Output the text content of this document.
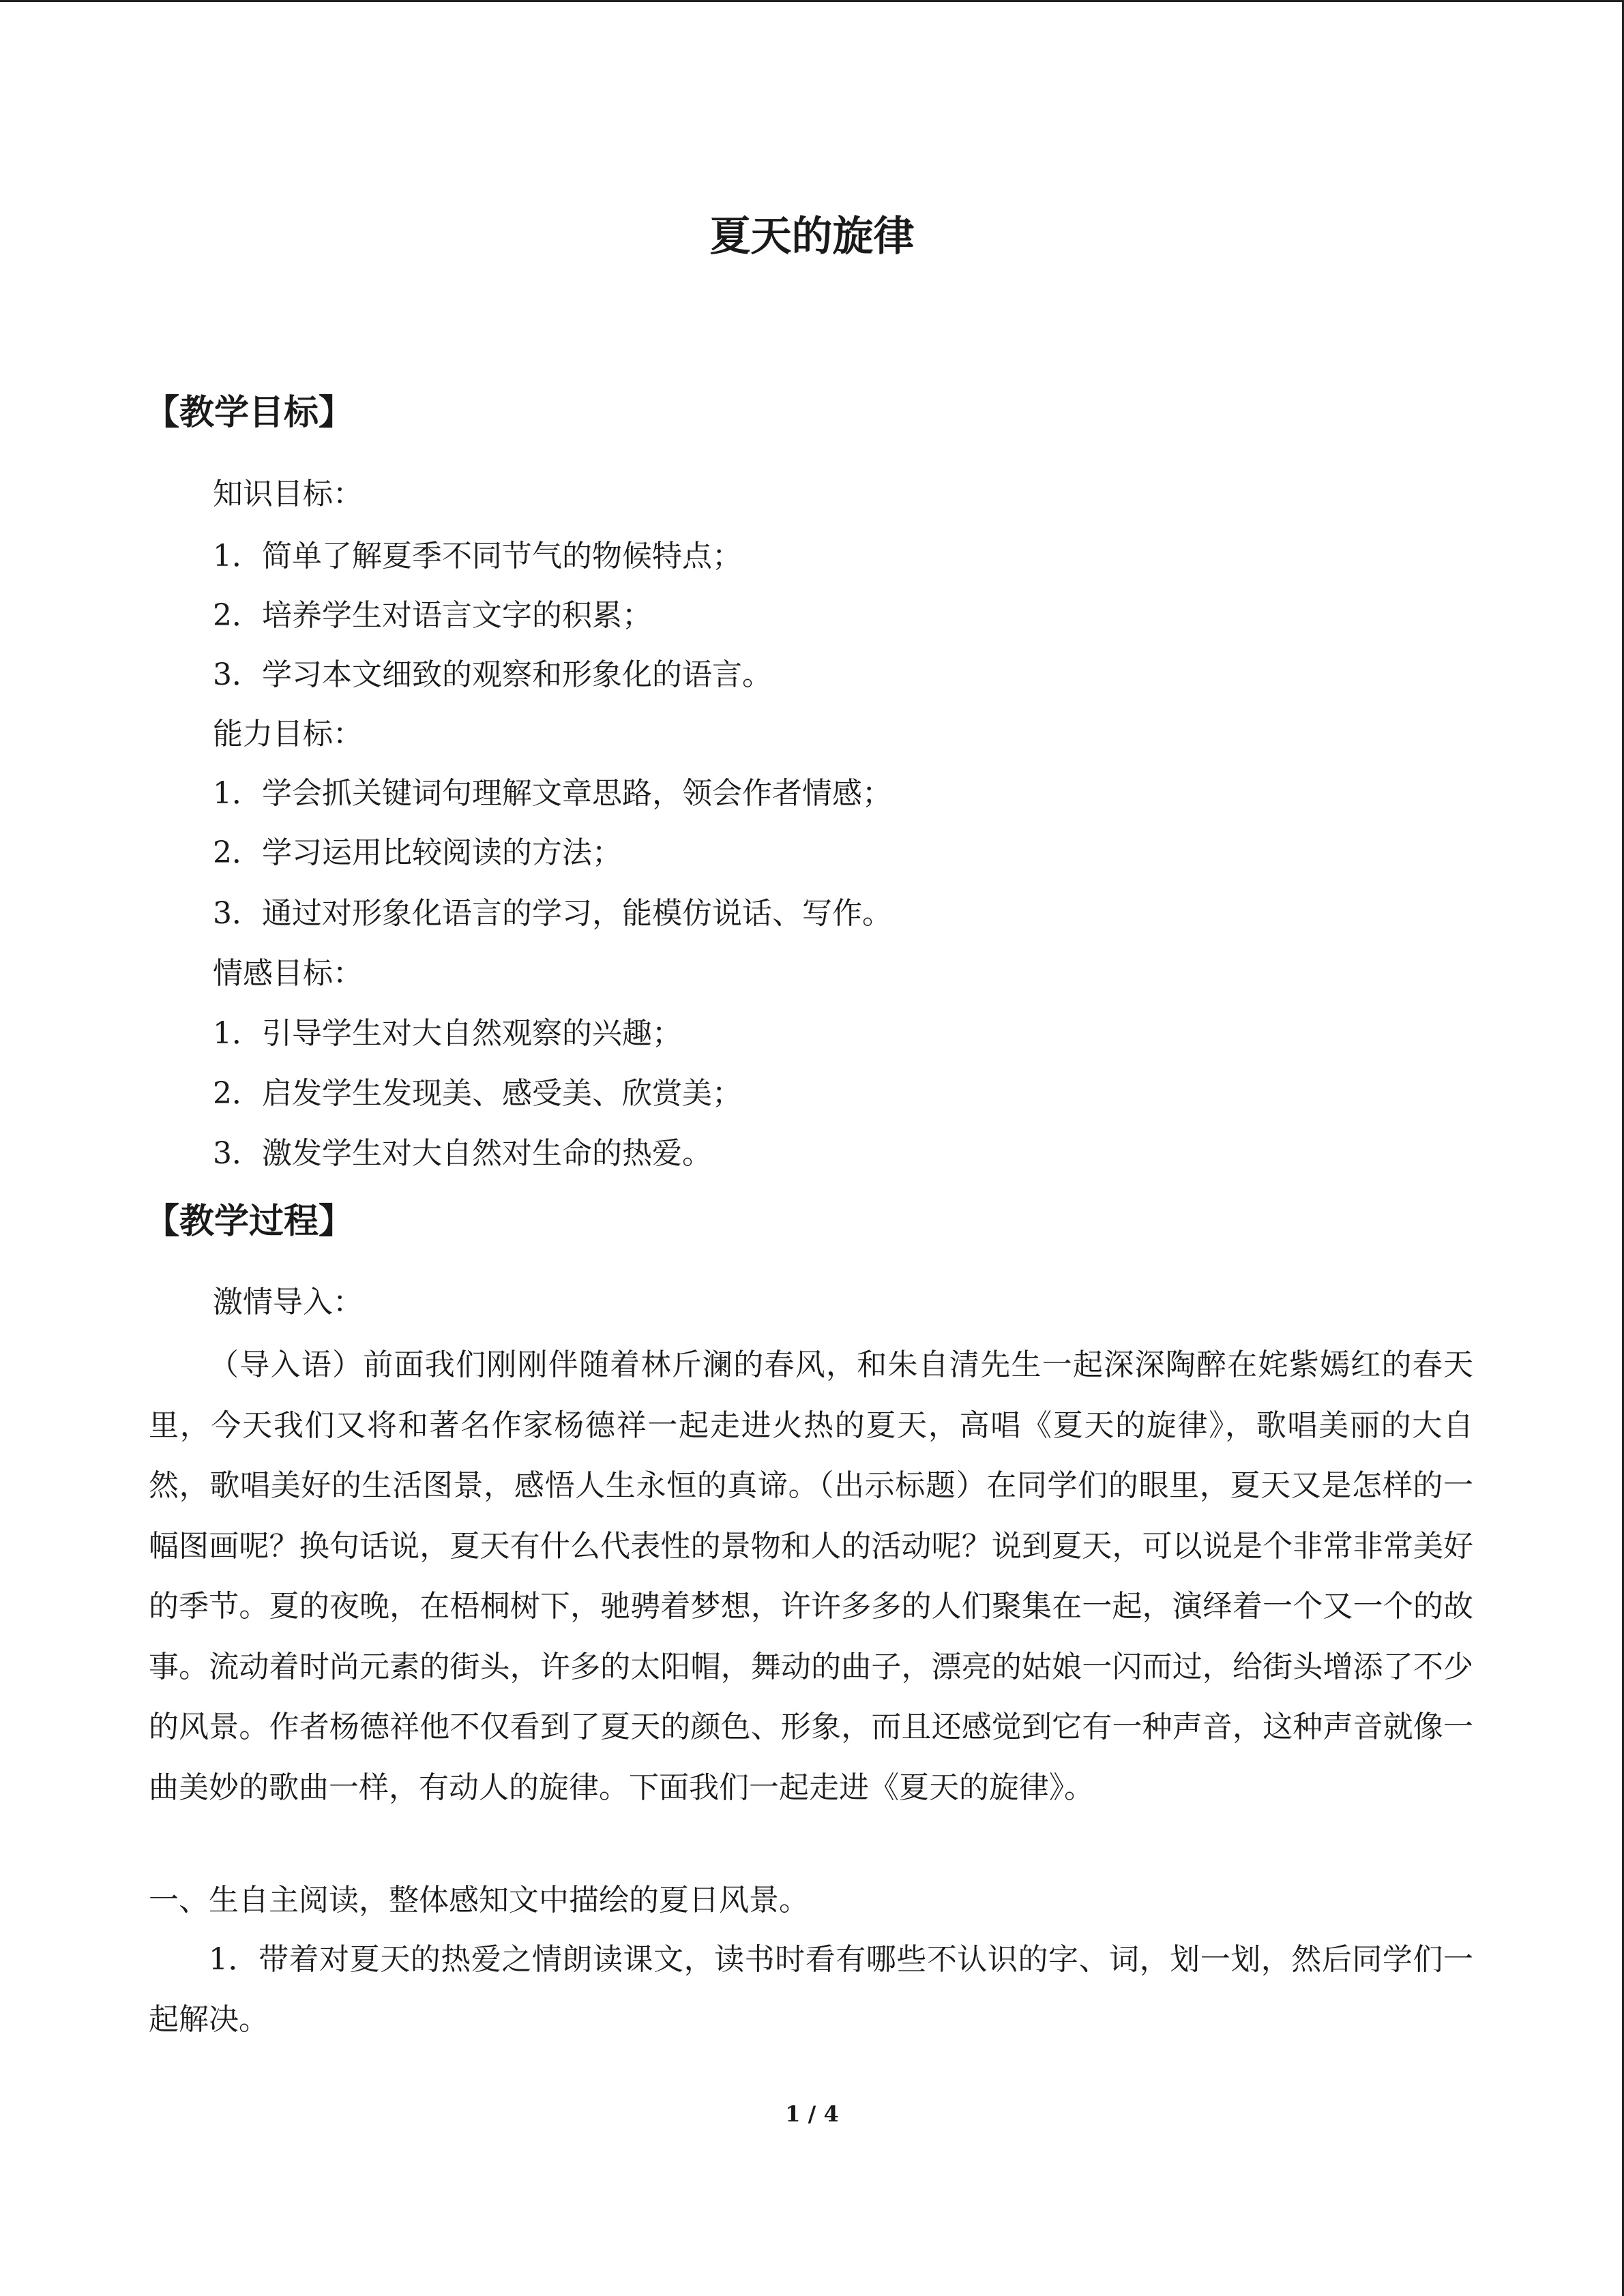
夏天的旋律
【教学目标】

知识目标：

1．简单了解夏季不同节气的物候特点；

2．培养学生对语言文字的积累；

3．学习本文细致的观察和形象化的语言。

能力目标：

1．学会抓关键词句理解文章思路，领会作者情感；

2．学习运用比较阅读的方法；

3．通过对形象化语言的学习，能模仿说话、写作。

情感目标：

1．引导学生对大自然观察的兴趣；

2．启发学生发现美、感受美、欣赏美；

3．激发学生对大自然对生命的热爱。

【教学过程】

激情导入：

（导入语）前面我们刚刚伴随着林斤澜的春风，和朱自清先生一起深深陶醉在姹紫嫣红的春天里，今天我们又将和著名作家杨德祥一起走进火热的夏天，高唱《夏天的旋律》，歌唱美丽的大自然，歌唱美好的生活图景，感悟人生永恒的真谛。（出示标题）在同学们的眼里，夏天又是怎样的一幅图画呢？换句话说，夏天有什么代表性的景物和人的活动呢？说到夏天，可以说是个非常非常美好的季节。夏的夜晚，在梧桐树下，驰骋着梦想，许许多多的人们聚集在一起，演绎着一个又一个的故事。流动着时尚元素的街头，许多的太阳帽，舞动的曲子，漂亮的姑娘一闪而过，给街头增添了不少的风景。作者杨德祥他不仅看到了夏天的颜色、形象，而且还感觉到它有一种声音，这种声音就像一曲美妙的歌曲一样，有动人的旋律。下面我们一起走进《夏天的旋律》。

一、生自主阅读，整体感知文中描绘的夏日风景。

1．带着对夏天的热爱之情朗读课文，读书时看有哪些不认识的字、词，划一划，然后同学们一起解决。

1 / 4
